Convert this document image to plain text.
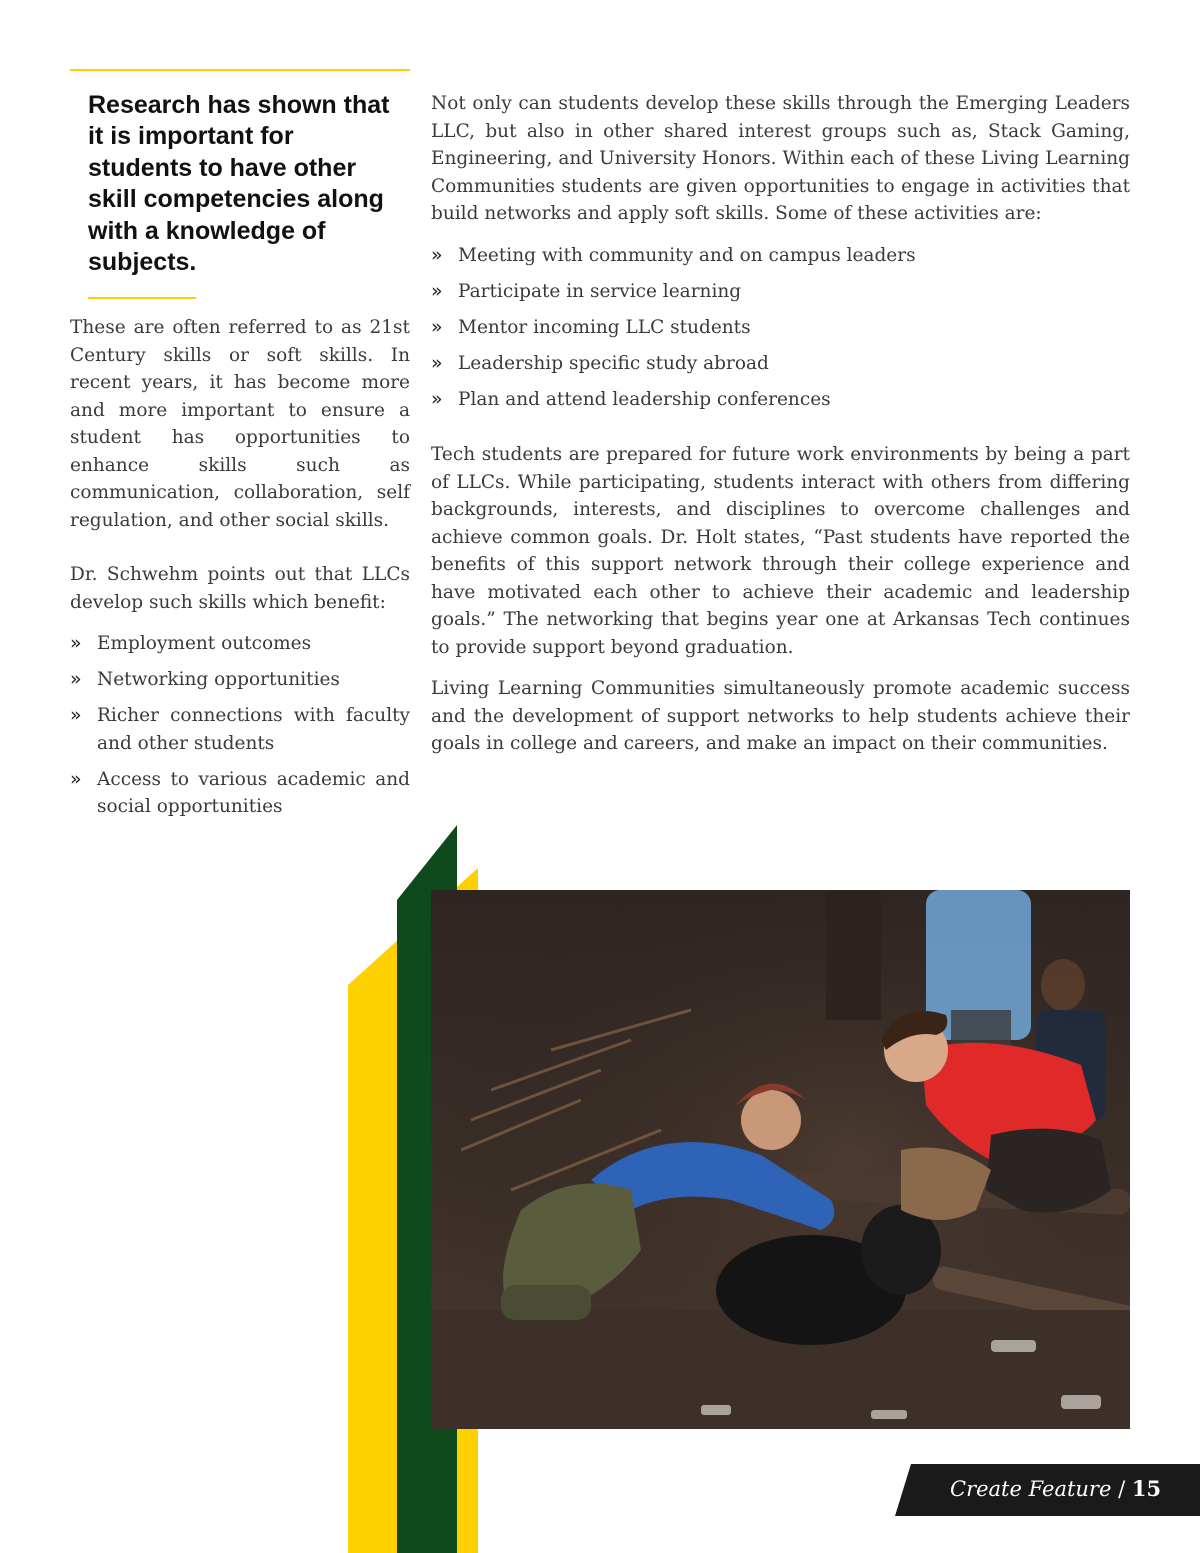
Research has shown that it is important for students to have other skill competencies along with a knowledge of subjects.

These are often referred to as 21st Century skills or soft skills. In recent years, it has become more and more important to ensure a student has opportunities to enhance skills such as communication, collaboration, self regulation, and other social skills.

Dr. Schwehm points out that LLCs develop such skills which benefit:

» Employment outcomes
» Networking opportunities
» Richer connections with faculty and other students
» Access to various academic and social opportunities

Not only can students develop these skills through the Emerging Leaders LLC, but also in other shared interest groups such as, Stack Gaming, Engineering, and University Honors. Within each of these Living Learning Communities students are given opportunities to engage in activities that build networks and apply soft skills. Some of these activities are:

» Meeting with community and on campus leaders
» Participate in service learning
» Mentor incoming LLC students
» Leadership specific study abroad
» Plan and attend leadership conferences

Tech students are prepared for future work environments by being a part of LLCs. While participating, students interact with others from differing backgrounds, interests, and disciplines to overcome challenges and achieve common goals. Dr. Holt states, “Past students have reported the benefits of this support network through their college experience and have motivated each other to achieve their academic and leadership goals.” The networking that begins year one at Arkansas Tech continues to provide support beyond graduation.

Living Learning Communities simultaneously promote academic success and the development of support networks to help students achieve their goals in college and careers, and make an impact on their communities.

Create Feature / 15
